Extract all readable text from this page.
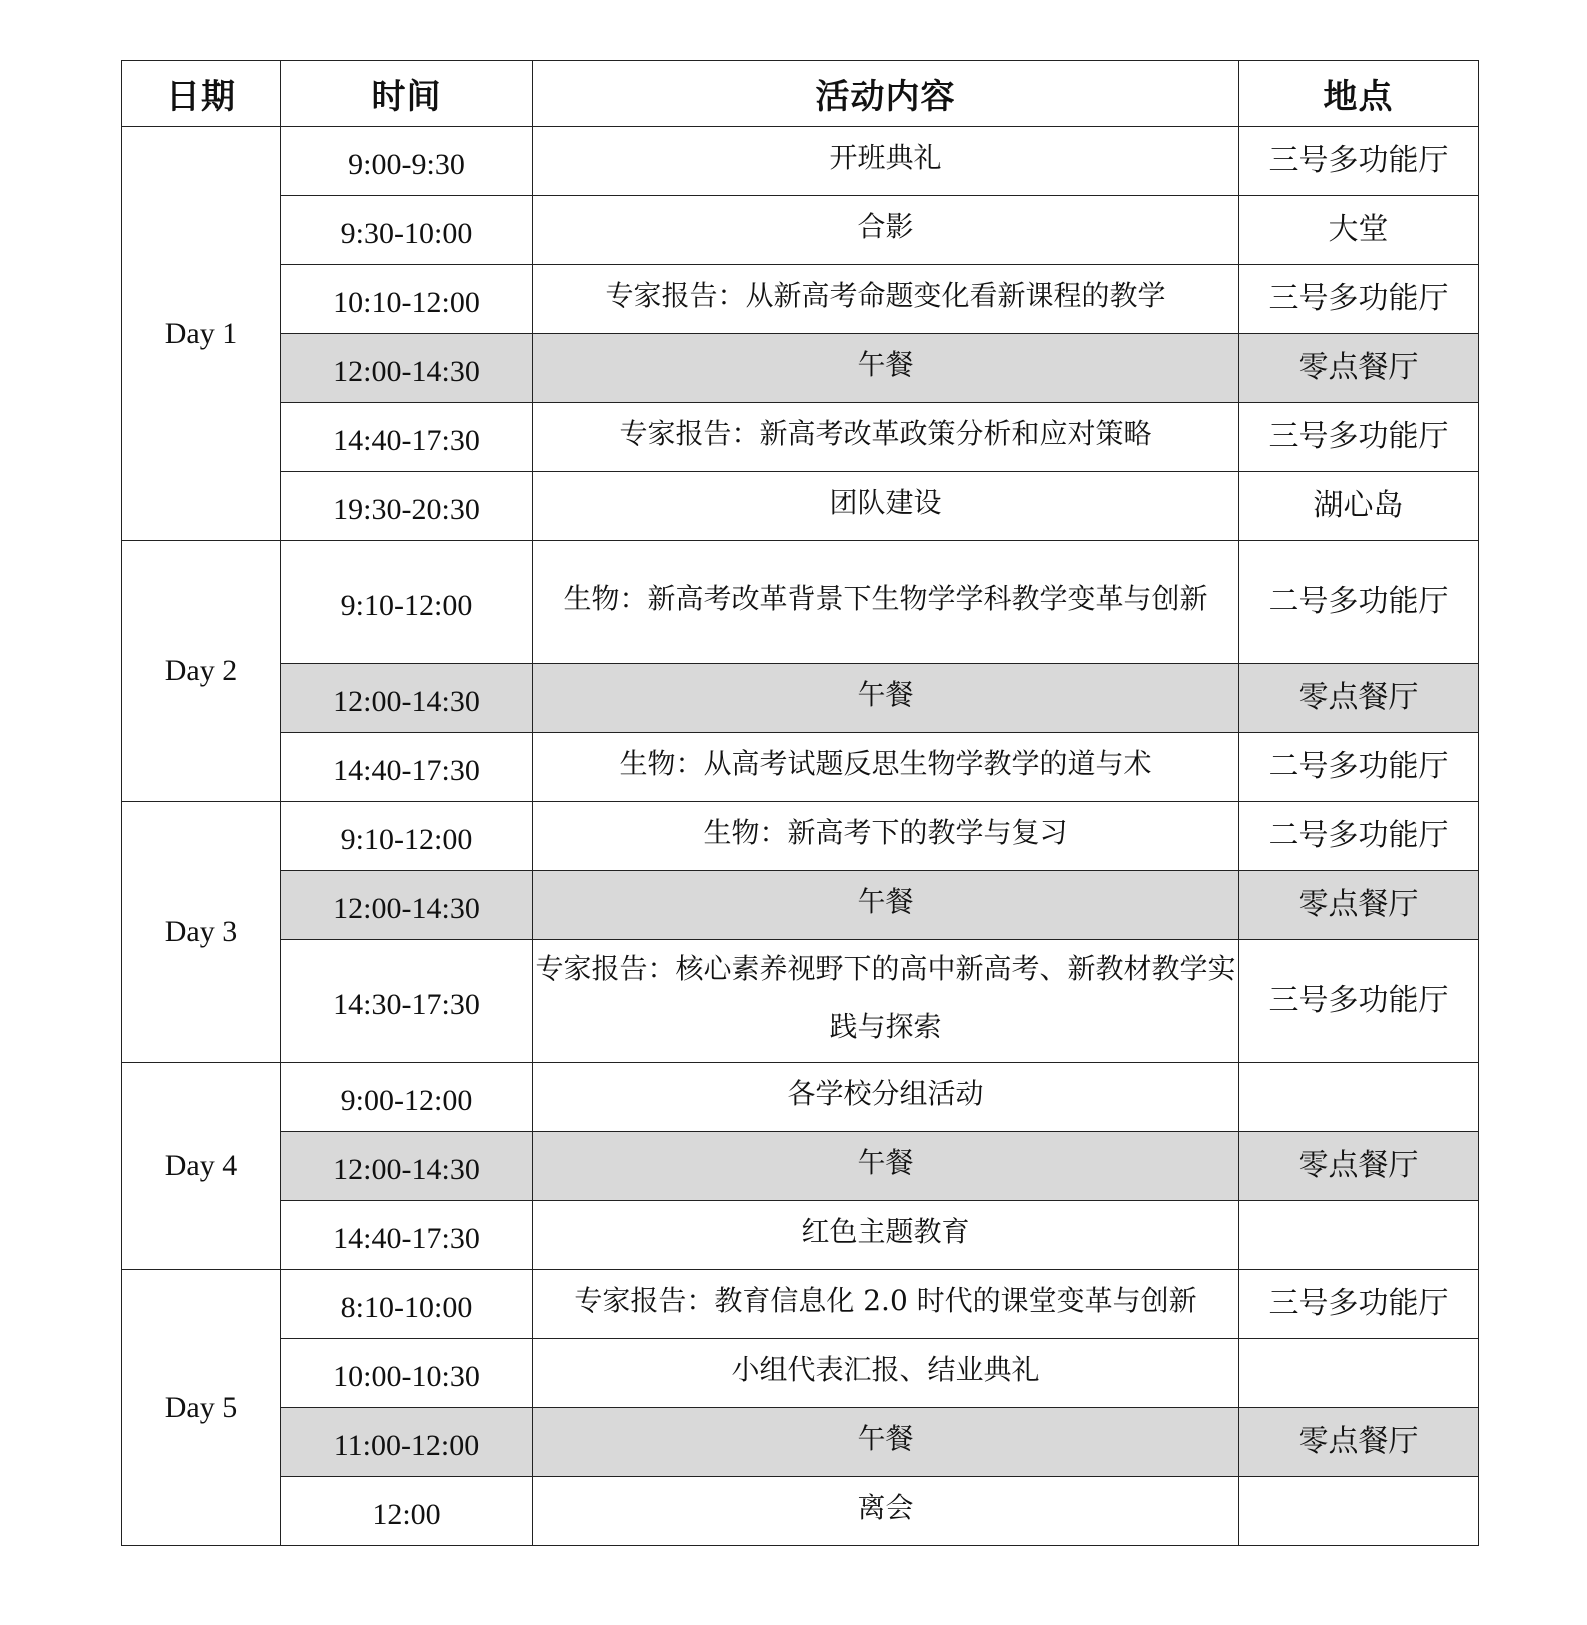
日期	时间	活动内容	地点
Day 1	9:00-9:30	开班典礼	三号多功能厅
	9:30-10:00	合影	大堂
	10:10-12:00	专家报告：从新高考命题变化看新课程的教学	三号多功能厅
	12:00-14:30	午餐	零点餐厅
	14:40-17:30	专家报告：新高考改革政策分析和应对策略	三号多功能厅
	19:30-20:30	团队建设	湖心岛
Day 2	9:10-12:00	生物：新高考改革背景下生物学学科教学变革与创新	二号多功能厅
	12:00-14:30	午餐	零点餐厅
	14:40-17:30	生物：从高考试题反思生物学教学的道与术	二号多功能厅
Day 3	9:10-12:00	生物：新高考下的教学与复习	二号多功能厅
	12:00-14:30	午餐	零点餐厅
	14:30-17:30	专家报告：核心素养视野下的高中新高考、新教材教学实践与探索	三号多功能厅
Day 4	9:00-12:00	各学校分组活动	

	12:00-14:30	午餐	零点餐厅
	14:40-17:30	红色主题教育	

Day 5	8:10-10:00	专家报告：教育信息化 2.0 时代的课堂变革与创新	三号多功能厅
	10:00-10:30	小组代表汇报、结业典礼	

	11:00-12:00	午餐	零点餐厅
	12:00	离会	
